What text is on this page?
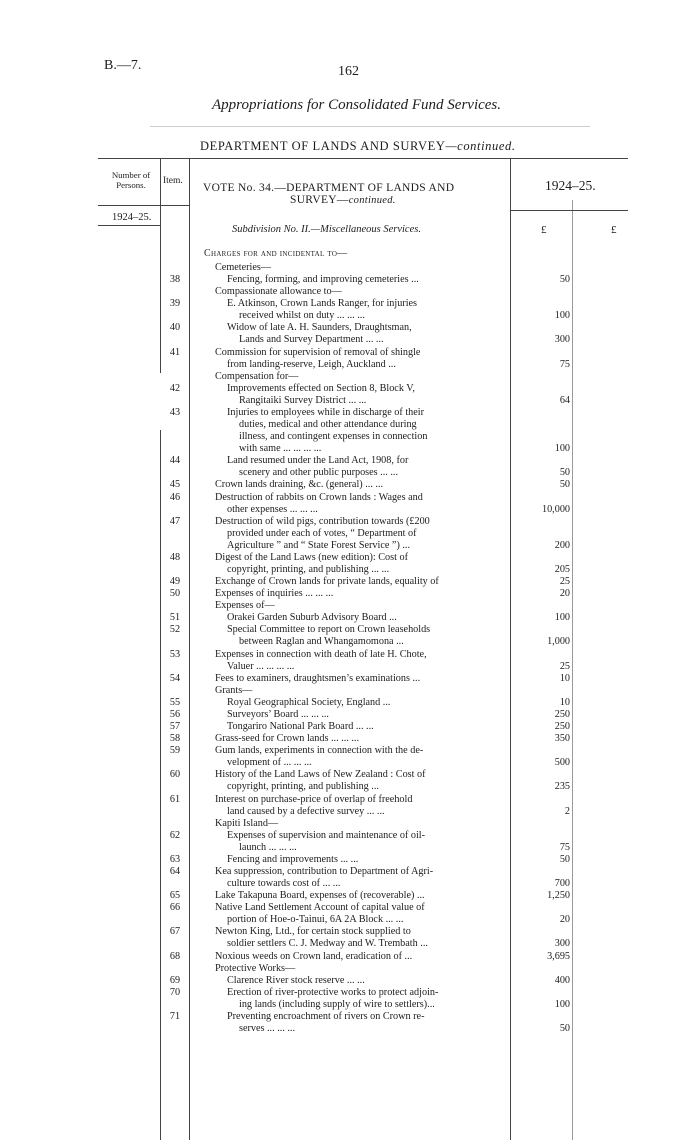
B.—7.	162
Appropriations for Consolidated Fund Services.
DEPARTMENT OF LANDS AND SURVEY—continued.
Number of Persons.	Item.
1924–25.
VOTE No. 34.—DEPARTMENT OF LANDS AND
SURVEY—continued.
1924–25.
Subdivision No. II.—Miscellaneous Services.	£	£
Charges for and incidental to—
Cemeteries—
38	Fencing, forming, and improving cemeteries ...	50
Compassionate allowance to—
39	E. Atkinson, Crown Lands Ranger, for injuries
received whilst on duty ... ... ...	100
40	Widow of late A. H. Saunders, Draughtsman,
Lands and Survey Department ... ...	300
41	Commission for supervision of removal of shingle
from landing-reserve, Leigh, Auckland ...	75
Compensation for—
42	Improvements effected on Section 8, Block V,
Rangitaiki Survey District ... ...	64
43	Injuries to employees while in discharge of their
duties, medical and other attendance during
illness, and contingent expenses in connection
with same ... ... ... ...	100
44	Land resumed under the Land Act, 1908, for
scenery and other public purposes ... ...	50
45	Crown lands draining, &c. (general) ... ...	50
46	Destruction of rabbits on Crown lands : Wages and
other expenses ... ... ...	10,000
47	Destruction of wild pigs, contribution towards (£200
provided under each of votes, “ Department of
Agriculture ” and “ State Forest Service ”) ...	200
48	Digest of the Land Laws (new edition): Cost of
copyright, printing, and publishing ... ...	205
49	Exchange of Crown lands for private lands, equality of	25
50	Expenses of inquiries ... ... ...	20
Expenses of—
51	Orakei Garden Suburb Advisory Board ...	100
52	Special Committee to report on Crown leaseholds
between Raglan and Whangamomona ...	1,000
53	Expenses in connection with death of late H. Chote,
Valuer ... ... ... ...	25
54	Fees to examiners, draughtsmen’s examinations ...	10
Grants—
55	Royal Geographical Society, England ...	10
56	Surveyors’ Board ... ... ...	250
57	Tongariro National Park Board ... ...	250
58	Grass-seed for Crown lands ... ... ...	350
59	Gum lands, experiments in connection with the de-
velopment of ... ... ...	500
60	History of the Land Laws of New Zealand : Cost of
copyright, printing, and publishing ...	235
61	Interest on purchase-price of overlap of freehold
land caused by a defective survey ... ...	2
Kapiti Island—
62	Expenses of supervision and maintenance of oil-
launch ... ... ...	75
63	Fencing and improvements ... ...	50
64	Kea suppression, contribution to Department of Agri-
culture towards cost of ... ...	700
65	Lake Takapuna Board, expenses of (recoverable) ...	1,250
66	Native Land Settlement Account of capital value of
portion of Hoe-o-Tainui, 6A 2A Block ... ...	20
67	Newton King, Ltd., for certain stock supplied to
soldier settlers C. J. Medway and W. Trembath ...	300
68	Noxious weeds on Crown land, eradication of ...	3,695
Protective Works—
69	Clarence River stock reserve ... ...	400
70	Erection of river-protective works to protect adjoin-
ing lands (including supply of wire to settlers)...	100
71	Preventing encroachment of rivers on Crown re-
serves ... ... ...	50
